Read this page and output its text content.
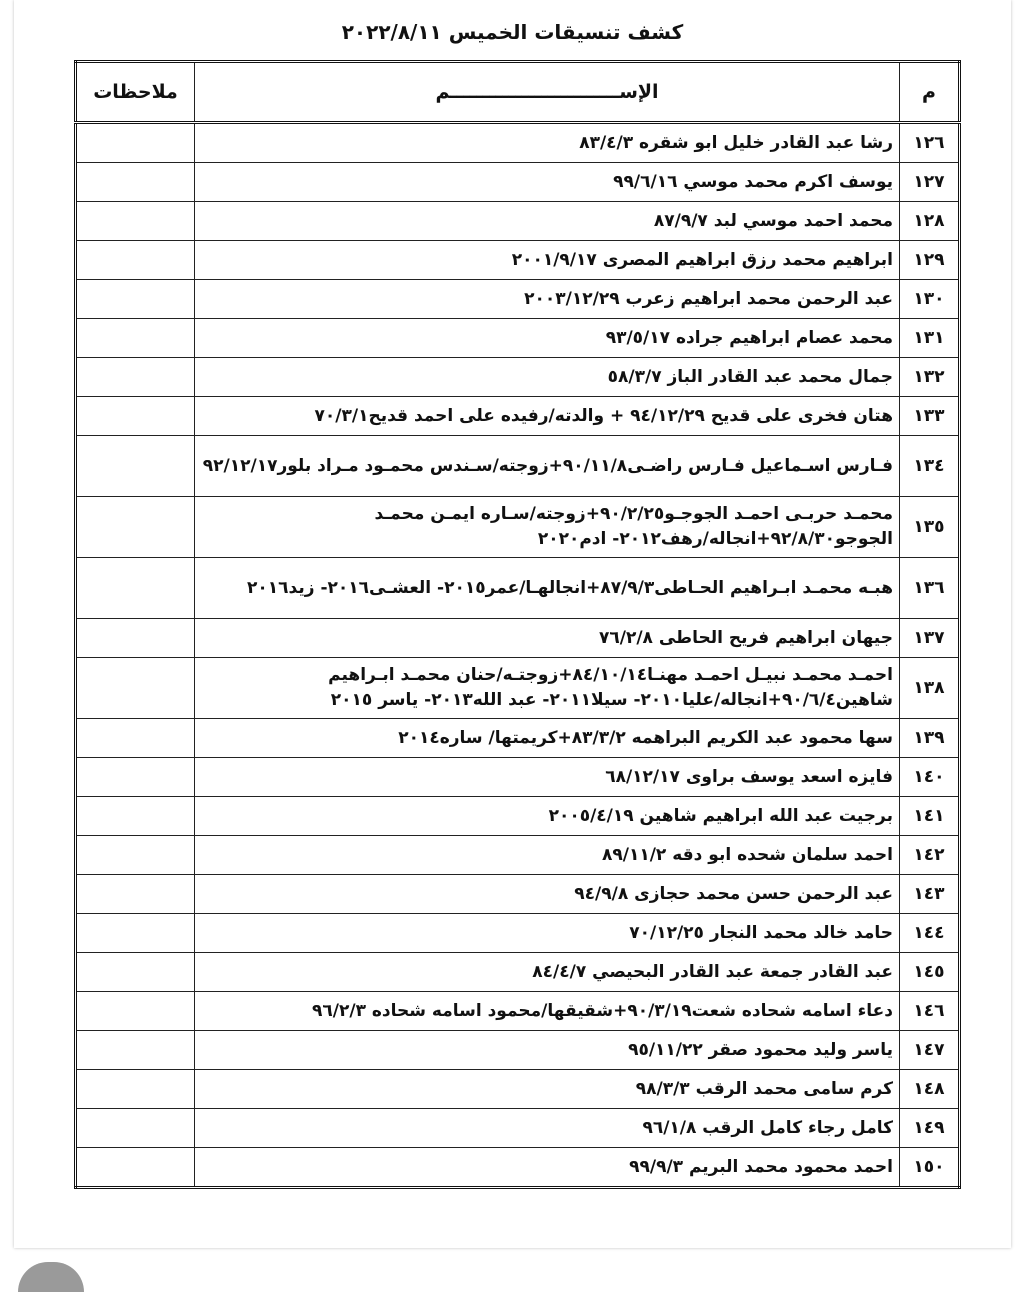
كشف تنسيقات الخميس ٢٠٢٢/٨/١١
م	الإســــــــــــــــــــــــــم	ملاحظات
١٢٦	رشا عبد القادر خليل ابو شقره ٨٣/٤/٣	
١٢٧	يوسف اكرم محمد موسي ٩٩/٦/١٦	
١٢٨	محمد احمد موسي لبد ٨٧/٩/٧	
١٢٩	ابراهيم محمد رزق ابراهيم المصرى ٢٠٠١/٩/١٧	
١٣٠	عبد الرحمن محمد ابراهيم زعرب ٢٠٠٣/١٢/٢٩	
١٣١	محمد عصام ابراهيم جراده ٩٣/٥/١٧	
١٣٢	جمال محمد عبد القادر الباز ٥٨/٣/٧	
١٣٣	هتان فخرى على قديح ٩٤/١٢/٢٩ + والدته/رفيده على احمد قديح٧٠/٣/١	
١٣٤	فـارس اسـماعيل فـارس راضـى٩٠/١١/٨+زوجته/سـندس محمـود مـراد بلور٩٢/١٢/١٧	
١٣٥	محمـد حربـى احمـد الجوجـو٩٠/٢/٢٥+زوجته/سـاره ايمـن محمـد الجوجو٩٢/٨/٣٠+انجاله/رهف٢٠١٢- ادم٢٠٢٠	
١٣٦	هبـه محمـد ابـراهيم الحـاطى٨٧/٩/٣+انجالهـا/عمر٢٠١٥- العشـى٢٠١٦- زيد٢٠١٦	
١٣٧	جيهان ابراهيم فريح الحاطى ٧٦/٢/٨	
١٣٨	احمـد محمـد نبيـل احمـد مهنـا٨٤/١٠/١٤+زوجتـه/حنان محمـد ابـراهيم شاهين٩٠/٦/٤+انجاله/عليا٢٠١٠- سيلا٢٠١١- عبد الله٢٠١٣- ياسر ٢٠١٥	
١٣٩	سها محمود عبد الكريم البراهمه ٨٣/٣/٢+كريمتها/ ساره٢٠١٤	
١٤٠	فايزه اسعد يوسف براوى ٦٨/١٢/١٧	
١٤١	برجيت عبد الله ابراهيم شاهين ٢٠٠٥/٤/١٩	
١٤٢	احمد سلمان شحده ابو دقه ٨٩/١١/٢	
١٤٣	عبد الرحمن حسن محمد حجازى ٩٤/٩/٨	
١٤٤	حامد خالد محمد النجار ٧٠/١٢/٢٥	
١٤٥	عبد القادر جمعة عبد القادر البحيصي ٨٤/٤/٧	
١٤٦	دعاء اسامه شحاده شعت٩٠/٣/١٩+شقيقها/محمود اسامه شحاده ٩٦/٢/٣	
١٤٧	ياسر وليد محمود صقر ٩٥/١١/٢٢	
١٤٨	كرم سامى محمد الرقب ٩٨/٣/٣	
١٤٩	كامل رجاء كامل الرقب ٩٦/١/٨	
١٥٠	احمد محمود محمد البريم ٩٩/٩/٣	
